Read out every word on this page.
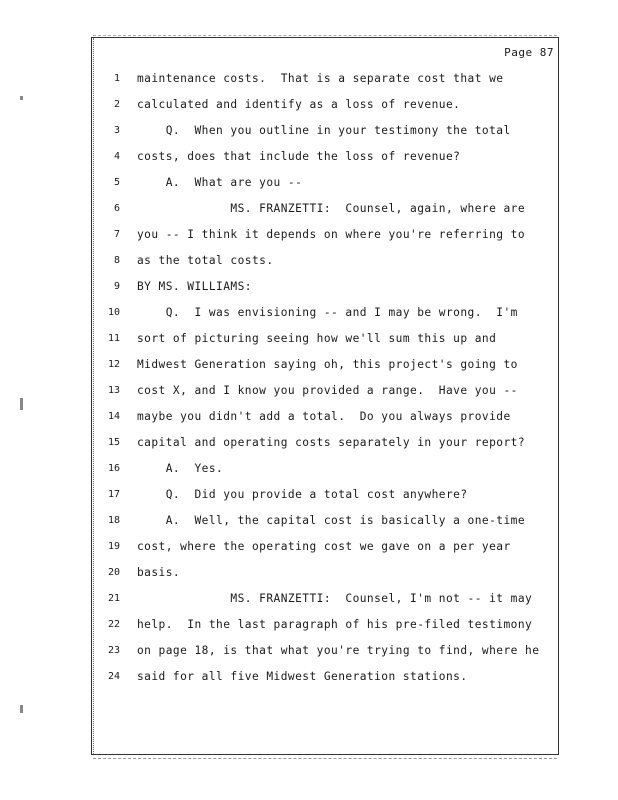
Page 87
1 maintenance costs.  That is a separate cost that we
2 calculated and identify as a loss of revenue.
3 Q.  When you outline in your testimony the total
4 costs, does that include the loss of revenue?
5 A.  What are you --
6 MS. FRANZETTI:  Counsel, again, where are
7 you -- I think it depends on where you're referring to
8 as the total costs.
9 BY MS. WILLIAMS:
10 Q.  I was envisioning -- and I may be wrong.  I'm
11 sort of picturing seeing how we'll sum this up and
12 Midwest Generation saying oh, this project's going to
13 cost X, and I know you provided a range.  Have you --
14 maybe you didn't add a total.  Do you always provide
15 capital and operating costs separately in your report?
16 A.  Yes.
17 Q.  Did you provide a total cost anywhere?
18 A.  Well, the capital cost is basically a one-time
19 cost, where the operating cost we gave on a per year
20 basis.
21 MS. FRANZETTI:  Counsel, I'm not -- it may
22 help.  In the last paragraph of his pre-filed testimony
23 on page 18, is that what you're trying to find, where he
24 said for all five Midwest Generation stations.
